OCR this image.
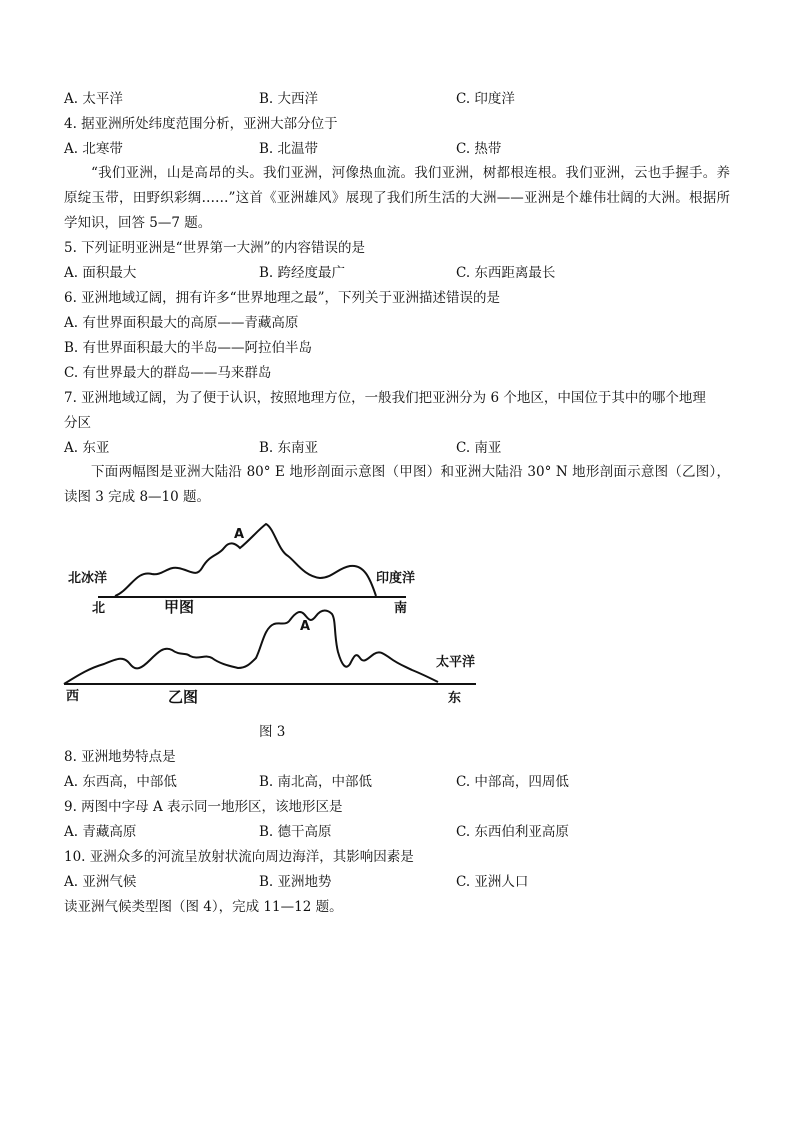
A. 太平洋	B. 大西洋	C. 印度洋
4. 据亚洲所处纬度范围分析，亚洲大部分位于
A. 北寒带	B. 北温带	C. 热带
“我们亚洲，山是高昂的头。我们亚洲，河像热血流。我们亚洲，树都根连根。我们亚洲，云也手握手。养原绽玉带，田野织彩绸……”这首《亚洲雄风》展现了我们所生活的大洲——亚洲是个雄伟壮阔的大洲。根据所学知识，回答 5—7 题。
5. 下列证明亚洲是“世界第一大洲”的内容错误的是
A. 面积最大	B. 跨经度最广	C. 东西距离最长
6. 亚洲地域辽阔，拥有许多“世界地理之最”，下列关于亚洲描述错误的是
A. 有世界面积最大的高原——青藏高原
B. 有世界面积最大的半岛——阿拉伯半岛
C. 有世界最大的群岛——马来群岛
7. 亚洲地域辽阔，为了便于认识，按照地理方位，一般我们把亚洲分为 6 个地区，中国位于其中的哪个地理
分区
A. 东亚	B. 东南亚	C. 南亚
下面两幅图是亚洲大陆沿 80° E 地形剖面示意图（甲图）和亚洲大陆沿 30° N 地形剖面示意图（乙图），读图 3 完成 8—10 题。
北冰洋	印度洋
北	甲图	南
A
太平洋
西	乙图	东
A
图 3
8. 亚洲地势特点是
A. 东西高，中部低	B. 南北高，中部低	C. 中部高，四周低
9. 两图中字母 A 表示同一地形区，该地形区是
A. 青藏高原	B. 德干高原	C. 东西伯利亚高原
10. 亚洲众多的河流呈放射状流向周边海洋，其影响因素是
A. 亚洲气候	B. 亚洲地势	C. 亚洲人口
读亚洲气候类型图（图 4），完成 11—12 题。
